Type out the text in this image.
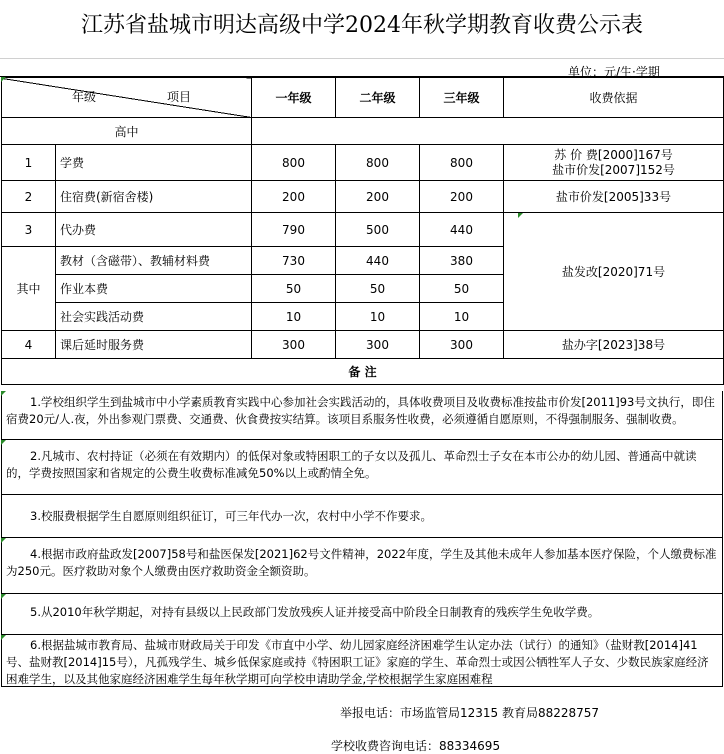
江苏省盐城市明达高级中学2024年秋学期教育收费公示表
单位：元/生·学期
年级 项目		一年级	二年级	三年级	收费依据
高中					
1	学费	800	800	800	苏 价 费[2000]167号
盐市价发[2007]152号

2	住宿费(新宿舍楼)	200	200	200	盐市价发[2005]33号
3	代办费	790	500	440	盐发改[2020]71号
其中	教材（含磁带）、教辅材料费	730	440	380	
	作业本费	50	50	50	
	社会实践活动费	10	10	10	
4	课后延时服务费	300	300	300	盐办字[2023]38号
备 注					
1.学校组织学生到盐城市中小学素质教育实践中心参加社会实践活动的，具体收费项目及收费标准按盐市价发[2011]93号文执行，即住宿费20元/人.夜，外出参观门票费、交通费、伙食费按实结算。该项目系服务性收费，必须遵循自愿原则，不得强制服务、强制收费。
2.凡城市、农村持证（必须在有效期内）的低保对象或特困职工的子女以及孤儿、革命烈士子女在本市公办的幼儿园、普通高中就读的，学费按照国家和省规定的公费生收费标准减免50%以上或酌情全免。
3.校服费根据学生自愿原则组织征订，可三年代办一次，农村中小学不作要求。
4.根据市政府盐政发[2007]58号和盐医保发[2021]62号文件精神，2022年度，学生及其他未成年人参加基本医疗保险，个人缴费标准为250元。医疗救助对象个人缴费由医疗救助资金全额资助。
5.从2010年秋学期起，对持有县级以上民政部门发放残疾人证并接受高中阶段全日制教育的残疾学生免收学费。
6.根据盐城市教育局、盐城市财政局关于印发《市直中小学、幼儿园家庭经济困难学生认定办法（试行）的通知》（盐财教[2014]41号、盐财教[2014]15号），凡孤残学生、城乡低保家庭或持《特困职工证》家庭的学生、革命烈士或因公牺牲军人子女、少数民族家庭经济困难学生，以及其他家庭经济困难学生每年秋学期可向学校申请助学金,学校根据学生家庭困难程
举报电话：市场监管局12315 教育局88228757
学校收费咨询电话：88334695
